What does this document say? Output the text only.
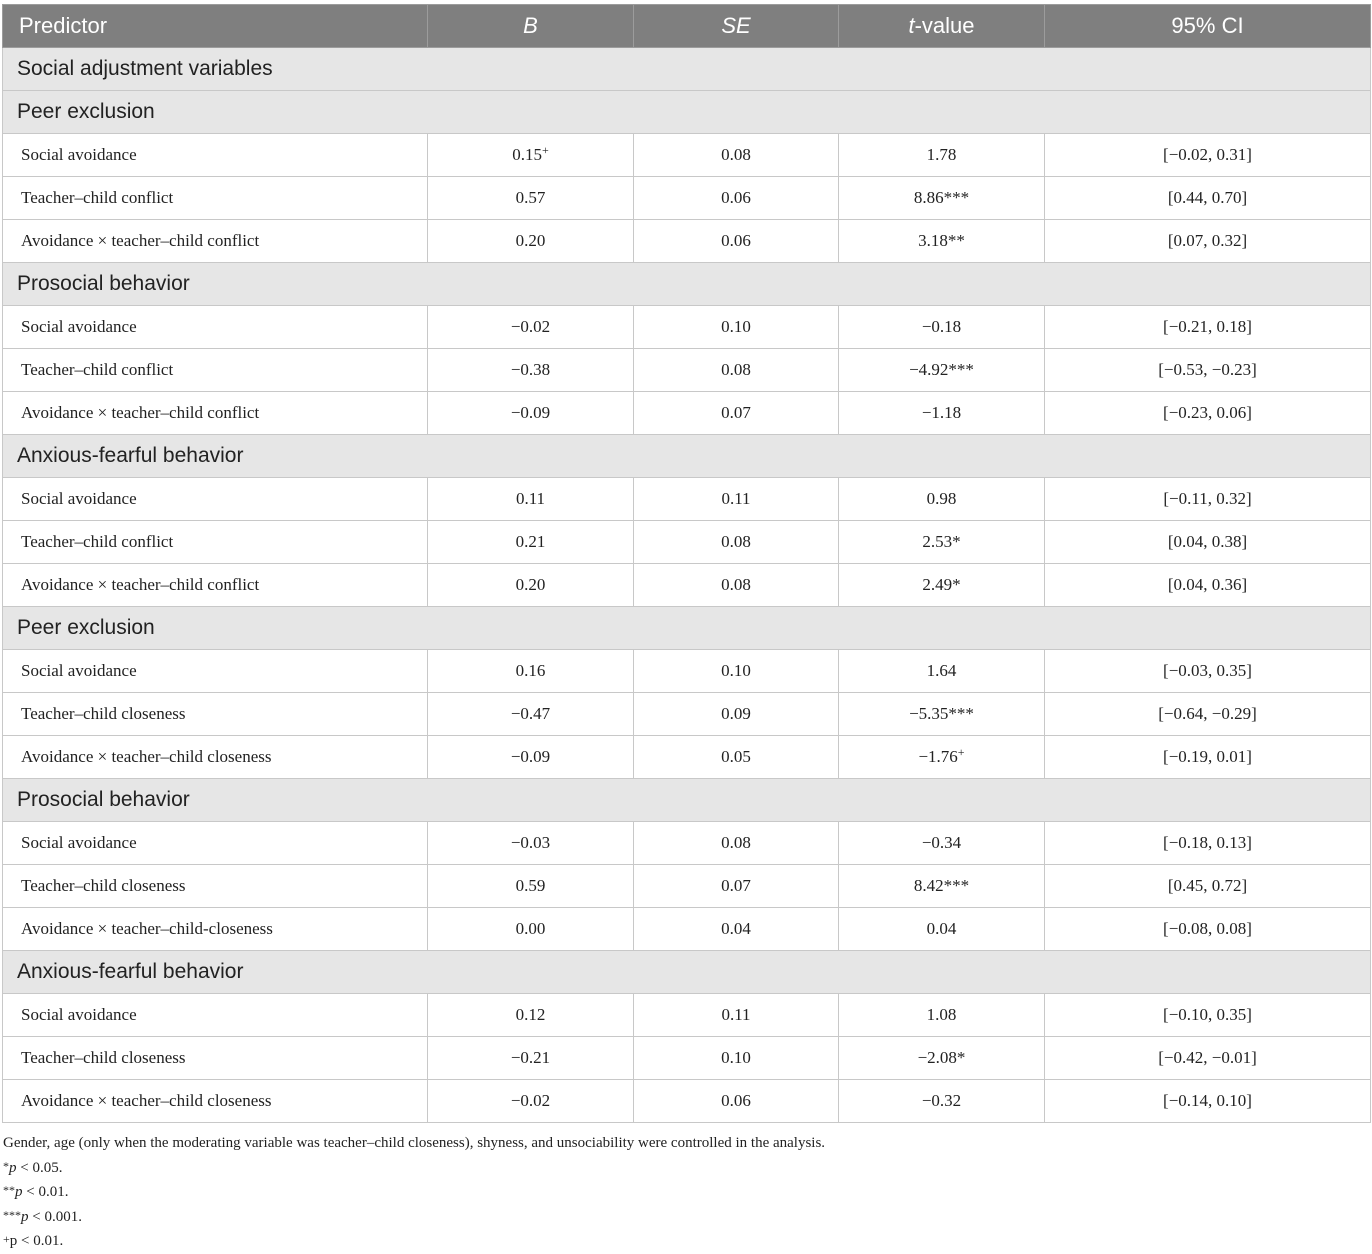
Predictor	B	SE	t-value	95% CI
Social adjustment variables				
Peer exclusion				
Social avoidance	0.15+	0.08	1.78	[−0.02, 0.31]
Teacher–child conflict	0.57	0.06	8.86***	[0.44, 0.70]
Avoidance × teacher–child conflict	0.20	0.06	3.18**	[0.07, 0.32]
Prosocial behavior				
Social avoidance	−0.02	0.10	−0.18	[−0.21, 0.18]
Teacher–child conflict	−0.38	0.08	−4.92***	[−0.53, −0.23]
Avoidance × teacher–child conflict	−0.09	0.07	−1.18	[−0.23, 0.06]
Anxious-fearful behavior				
Social avoidance	0.11	0.11	0.98	[−0.11, 0.32]
Teacher–child conflict	0.21	0.08	2.53*	[0.04, 0.38]
Avoidance × teacher–child conflict	0.20	0.08	2.49*	[0.04, 0.36]
Peer exclusion				
Social avoidance	0.16	0.10	1.64	[−0.03, 0.35]
Teacher–child closeness	−0.47	0.09	−5.35***	[−0.64, −0.29]
Avoidance × teacher–child closeness	−0.09	0.05	−1.76+	[−0.19, 0.01]
Prosocial behavior				
Social avoidance	−0.03	0.08	−0.34	[−0.18, 0.13]
Teacher–child closeness	0.59	0.07	8.42***	[0.45, 0.72]
Avoidance × teacher–child-closeness	0.00	0.04	0.04	[−0.08, 0.08]
Anxious-fearful behavior				
Social avoidance	0.12	0.11	1.08	[−0.10, 0.35]
Teacher–child closeness	−0.21	0.10	−2.08*	[−0.42, −0.01]
Avoidance × teacher–child closeness	−0.02	0.06	−0.32	[−0.14, 0.10]

Gender, age (only when the moderating variable was teacher–child closeness), shyness, and unsociability were controlled in the analysis.

*p < 0.05.

**p < 0.01.

***p < 0.001.

+p < 0.01.
